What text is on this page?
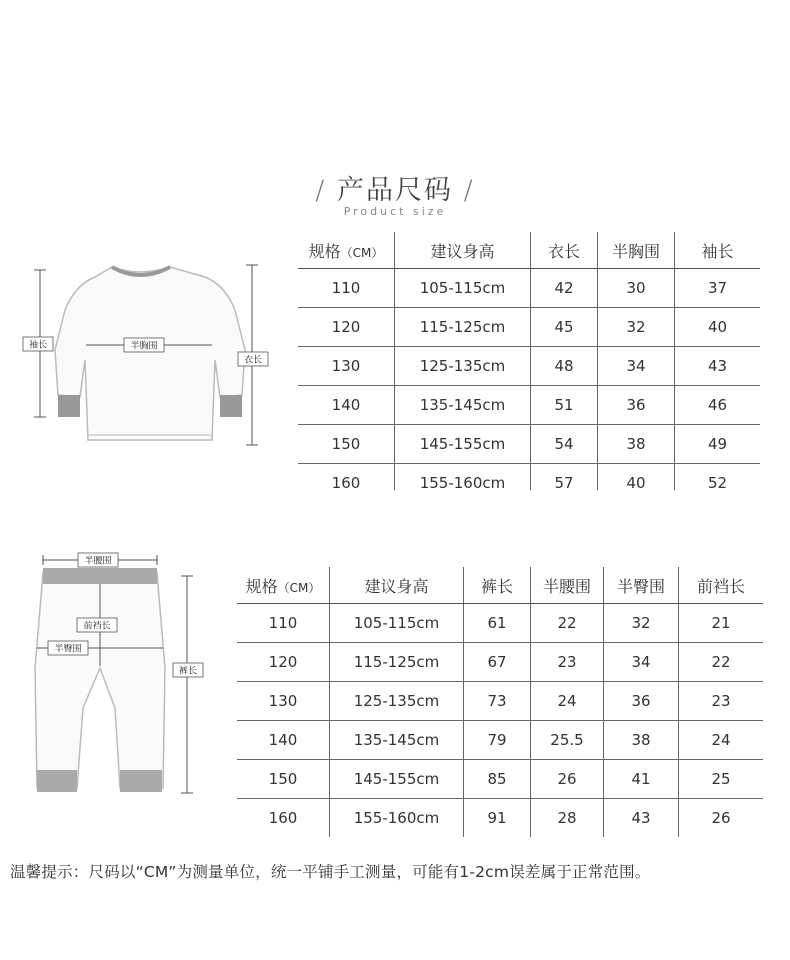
/ 产品尺码 /
Product size
袖长	半胸围
衣长
规格（CM）	建议身高	衣长	半胸围	袖长
110	105-115cm	42	30	37
120	115-125cm	45	32	40
130	125-135cm	48	34	43
140	135-145cm	51	36	46
150	145-155cm	54	38	49
160	155-160cm	57	40	52
半腰围
前裆长
半臀围
裤长
规格（CM）	建议身高	裤长	半腰围	半臀围	前裆长
110	105-115cm	61	22	32	21
120	115-125cm	67	23	34	22
130	125-135cm	73	24	36	23
140	135-145cm	79	25.5	38	24
150	145-155cm	85	26	41	25
160	155-160cm	91	28	43	26
温馨提示：尺码以“CM”为测量单位，统一平铺手工测量，可能有1-2cm误差属于正常范围。
